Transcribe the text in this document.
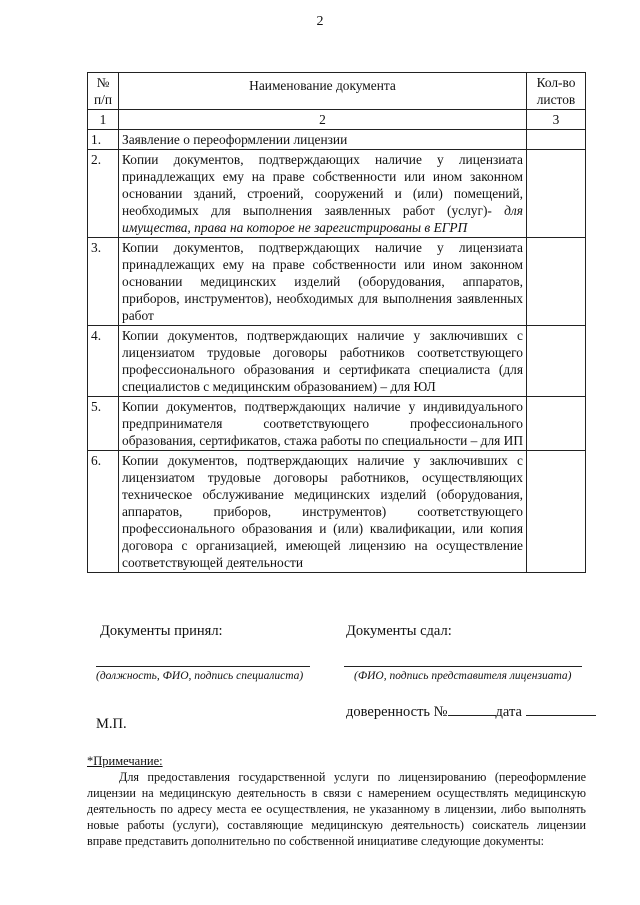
2
№ п/п	Наименование документа	Кол-во листов
1	2	3
1.	Заявление о переоформлении лицензии	
2.	Копии документов, подтверждающих наличие у лицензиата принадлежащих ему на праве собственности или ином законном основании зданий, строений, сооружений и (или) помещений, необходимых для выполнения заявленных работ (услуг)- для имущества, права на которое не зарегистрированы в ЕГРП	
3.	Копии документов, подтверждающих наличие у лицензиата принадлежащих ему на праве собственности или ином законном основании медицинских изделий (оборудования, аппаратов, приборов, инструментов), необходимых для выполнения заявленных работ	
4.	Копии документов, подтверждающих наличие у заключивших с лицензиатом трудовые договоры работников соответствующего профессионального образования и сертификата специалиста (для специалистов с медицинским образованием) – для ЮЛ	
5.	Копии документов, подтверждающих наличие у индивидуального предпринимателя соответствующего профессионального образования, сертификатов, стажа работы по специальности – для ИП	
6.	Копии документов, подтверждающих наличие у заключивших с лицензиатом трудовые договоры работников, осуществляющих техническое обслуживание медицинских изделий (оборудования, аппаратов, приборов, инструментов) соответствующего профессионального образования и (или) квалификации, или копия договора с организацией, имеющей лицензию на осуществление соответствующей деятельности	
Документы принял:	Документы сдал:
(должность, ФИО, подпись специалиста)	(ФИО, подпись представителя лицензиата)
доверенность №	дата
М.П.
*Примечание:
Для предоставления государственной услуги по лицензированию (переоформление лицензии на медицинскую деятельность в связи с намерением осуществлять медицинскую деятельность по адресу места ее осуществления, не указанному в лицензии, либо выполнять новые работы (услуги), составляющие медицинскую деятельность) соискатель лицензии вправе представить дополнительно по собственной инициативе следующие документы:
